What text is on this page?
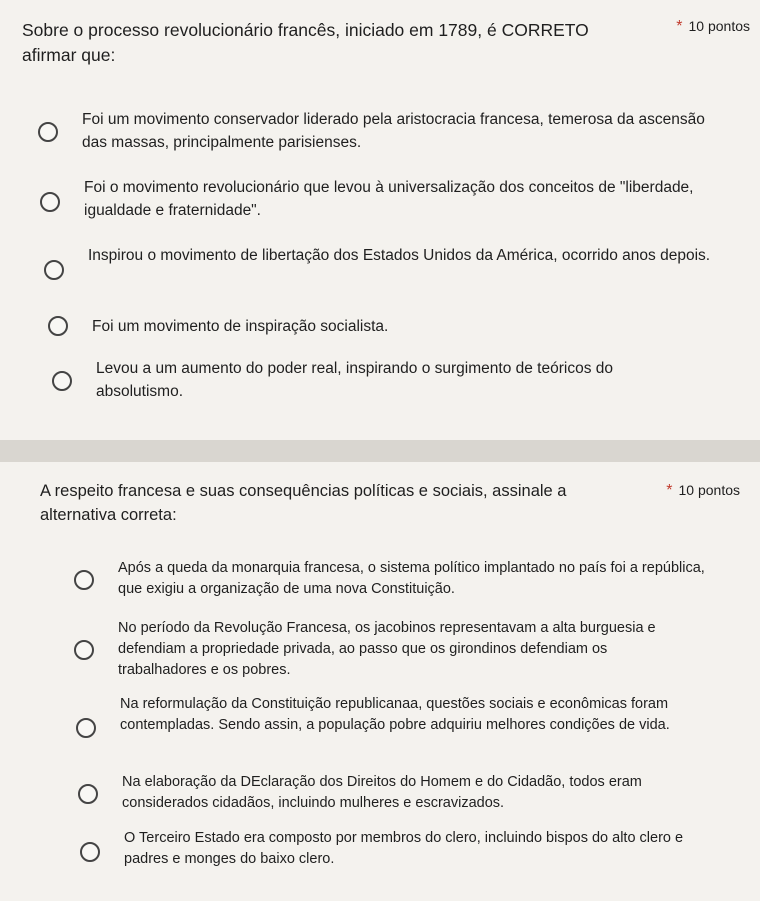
Sobre o processo revolucionário francês, iniciado em 1789, é CORRETO afirmar que:
* 10 pontos
Foi um movimento conservador liderado pela aristocracia francesa, temerosa da ascensão das massas, principalmente parisienses.
Foi o movimento revolucionário que levou à universalização dos conceitos de "liberdade, igualdade e fraternidade".
Inspirou o movimento de libertação dos Estados Unidos da América, ocorrido anos depois.
Foi um movimento de inspiração socialista.
Levou a um aumento do poder real, inspirando o surgimento de teóricos do absolutismo.
A respeito francesa e suas consequências políticas e sociais, assinale a alternativa correta:
* 10 pontos
Após a queda da monarquia francesa, o sistema político implantado no país foi a república, que exigiu a organização de uma nova Constituição.
No período da Revolução Francesa, os jacobinos representavam a alta burguesia e defendiam a propriedade privada, ao passo que os girondinos defendiam os trabalhadores e os pobres.
Na reformulação da Constituição republicanaa, questões sociais e econômicas foram contempladas. Sendo assin, a população pobre adquiriu melhores condições de vida.
Na elaboração da DEclaração dos Direitos do Homem e do Cidadão, todos eram considerados cidadãos, incluindo mulheres e escravizados.
O Terceiro Estado era composto por membros do clero, incluindo bispos do alto clero e padres e monges do baixo clero.
